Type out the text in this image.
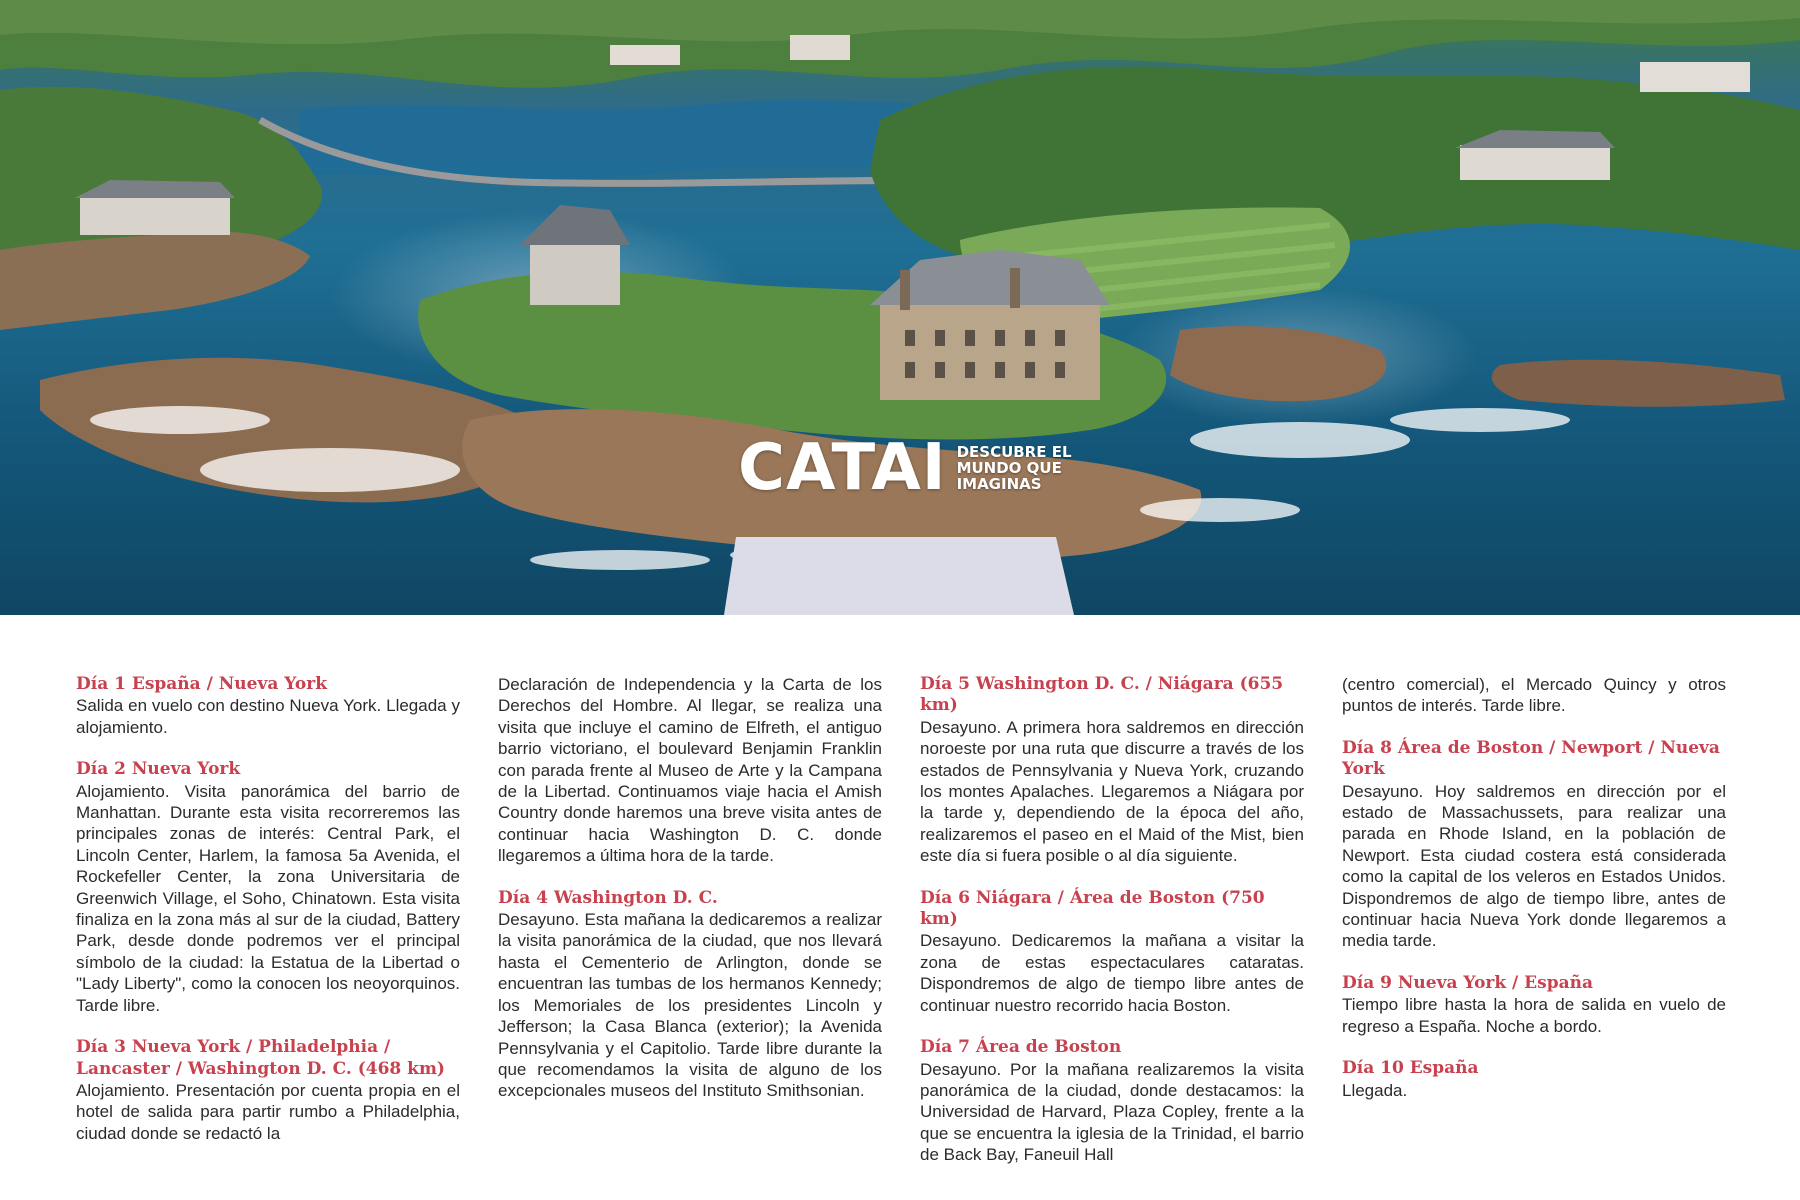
CATAI DESCUBRE EL
MUNDO QUE
IMAGINAS
Día 1 España / Nueva York

Salida en vuelo con destino Nueva York. Llegada y alojamiento.

Día 2 Nueva York

Alojamiento. Visita panorámica del barrio de Manhattan. Durante esta visita recorreremos las principales zonas de interés: Central Park, el Lincoln Center, Harlem, la famosa 5a Avenida, el Rockefeller Center, la zona Universitaria de Greenwich Village, el Soho, Chinatown. Esta visita finaliza en la zona más al sur de la ciudad, Battery Park, desde donde podremos ver el principal símbolo de la ciudad: la Estatua de la Libertad o "Lady Liberty", como la conocen los neoyorquinos. Tarde libre.

Día 3 Nueva York / Philadelphia / Lancaster / Washington D. C. (468 km)

Alojamiento. Presentación por cuenta propia en el hotel de salida para partir rumbo a Philadelphia, ciudad donde se redactó la

Declaración de Independencia y la Carta de los Derechos del Hombre. Al llegar, se realiza una visita que incluye el camino de Elfreth, el antiguo barrio victoriano, el boulevard Benjamin Franklin con parada frente al Museo de Arte y la Campana de la Libertad. Continuamos viaje hacia el Amish Country donde haremos una breve visita antes de continuar hacia Washington D. C. donde llegaremos a última hora de la tarde.

Día 4 Washington D. C.

Desayuno. Esta mañana la dedicaremos a realizar la visita panorámica de la ciudad, que nos llevará hasta el Cementerio de Arlington, donde se encuentran las tumbas de los hermanos Kennedy; los Memoriales de los presidentes Lincoln y Jefferson; la Casa Blanca (exterior); la Avenida Pennsylvania y el Capitolio. Tarde libre durante la que recomendamos la visita de alguno de los excepcionales museos del Instituto Smithsonian.

Día 5 Washington D. C. / Niágara (655 km)

Desayuno. A primera hora saldremos en dirección noroeste por una ruta que discurre a través de los estados de Pennsylvania y Nueva York, cruzando los montes Apalaches. Llegaremos a Niágara por la tarde y, dependiendo de la época del año, realizaremos el paseo en el Maid of the Mist, bien este día si fuera posible o al día siguiente.

Día 6 Niágara / Área de Boston (750 km)

Desayuno. Dedicaremos la mañana a visitar la zona de estas espectaculares cataratas. Dispondremos de algo de tiempo libre antes de continuar nuestro recorrido hacia Boston.

Día 7 Área de Boston

Desayuno. Por la mañana realizaremos la visita panorámica de la ciudad, donde destacamos: la Universidad de Harvard, Plaza Copley, frente a la que se encuentra la iglesia de la Trinidad, el barrio de Back Bay, Faneuil Hall

(centro comercial), el Mercado Quincy y otros puntos de interés. Tarde libre.

Día 8 Área de Boston / Newport / Nueva York

Desayuno. Hoy saldremos en dirección por el estado de Massachussets, para realizar una parada en Rhode Island, en la población de Newport. Esta ciudad costera está considerada como la capital de los veleros en Estados Unidos. Dispondremos de algo de tiempo libre, antes de continuar hacia Nueva York donde llegaremos a media tarde.

Día 9 Nueva York / España

Tiempo libre hasta la hora de salida en vuelo de regreso a España. Noche a bordo.

Día 10 España

Llegada.
